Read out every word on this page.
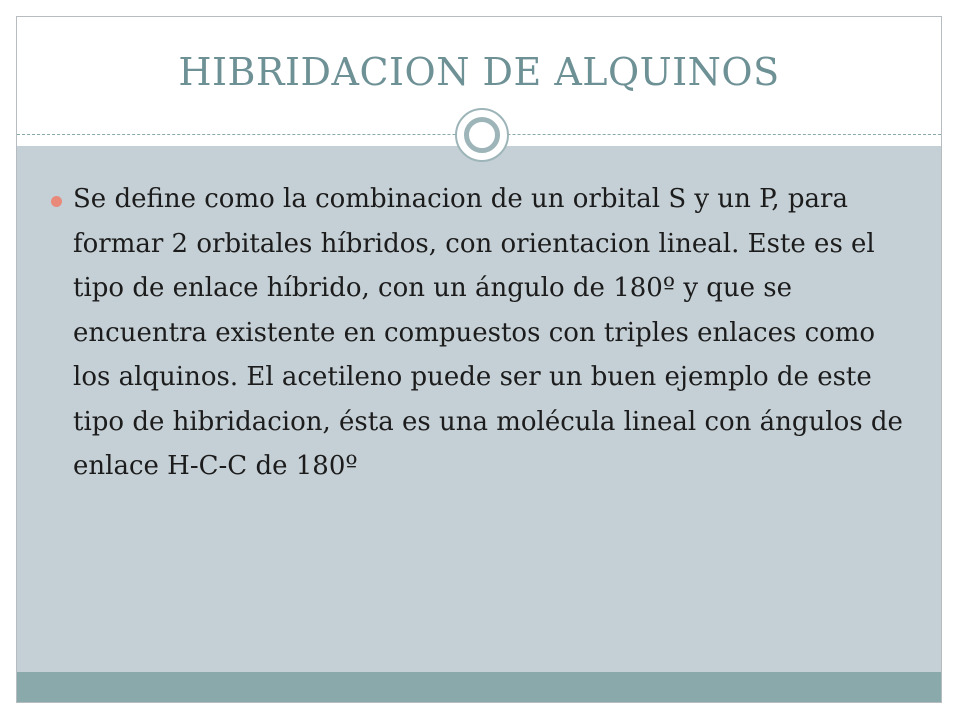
HIBRIDACION DE ALQUINOS
Se define como la combinacion de un orbital S y un P, para formar 2 orbitales híbridos, con orientacion lineal. Este es el tipo de enlace híbrido, con un ángulo de 180º y que se encuentra existente en compuestos con triples enlaces como los alquinos. El acetileno puede ser un buen ejemplo de este tipo de hibridacion, ésta es una molécula lineal con ángulos de enlace H-C-C de 180º
